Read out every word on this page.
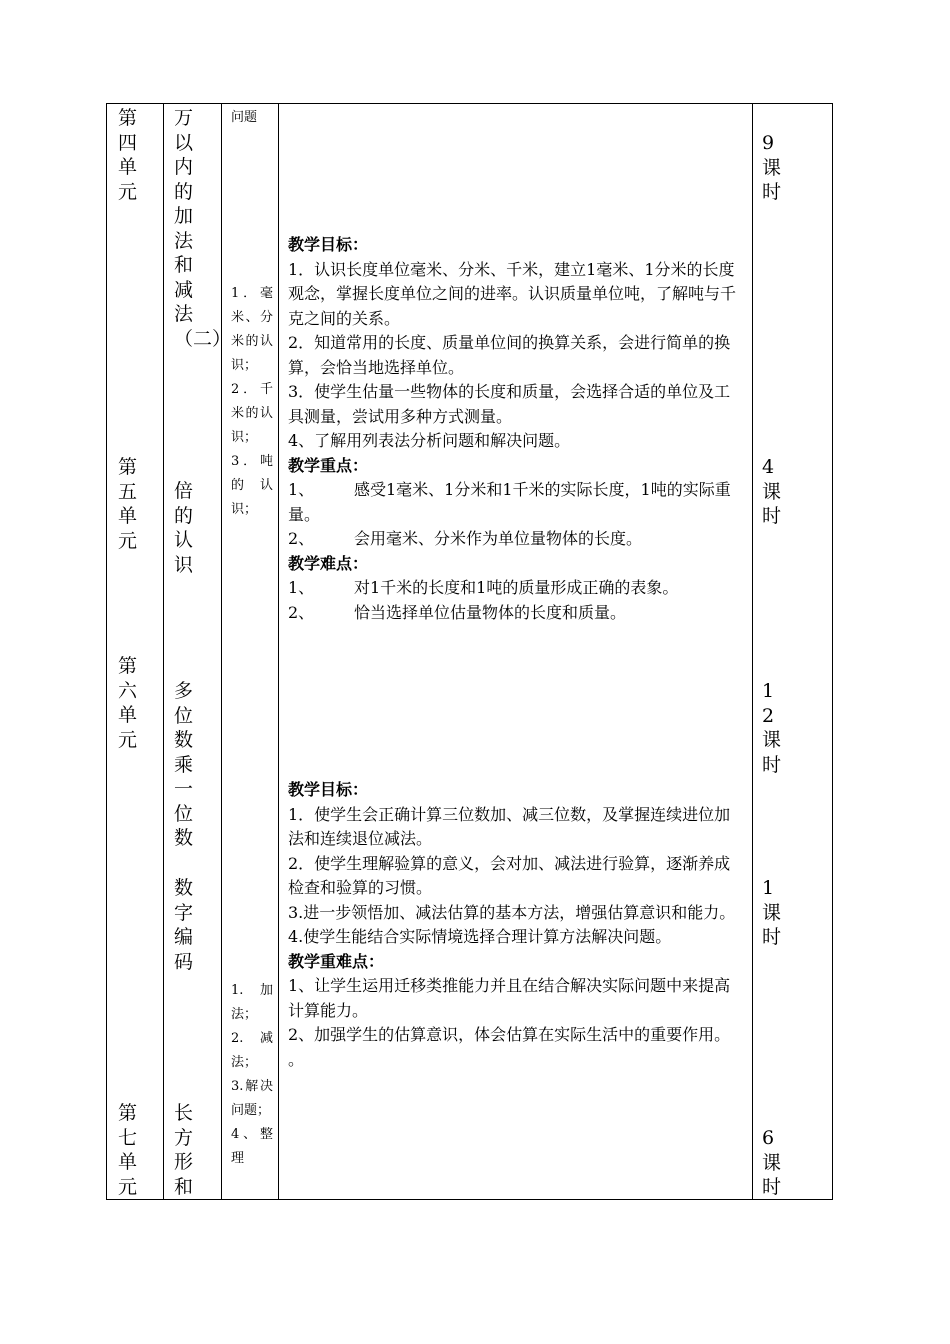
第四单元
第五单元
第六单元
第七单元
万以内的加法和减法（二）
倍的认识
多位数乘一位数
数字编码
长方形和
问题

1．毫米、分米的认识；

2．千米的认识；

3．吨的认识；

1.加法；

2.减法；

3.解决问题；

4、整理

教学目标：

1．认识长度单位毫米、分米、千米，建立1毫米、1分米的长度观念，掌握长度单位之间的进率。认识质量单位吨，了解吨与千克之间的关系。

2．知道常用的长度、质量单位间的换算关系，会进行简单的换算，会恰当地选择单位。

3．使学生估量一些物体的长度和质量，会选择合适的单位及工具测量，尝试用多种方式测量。

4、了解用列表法分析问题和解决问题。

教学重点：

1、 感受1毫米、1分米和1千米的实际长度，1吨的实际重量。

2、 会用毫米、分米作为单位量物体的长度。

教学难点：

1、 对1千米的长度和1吨的质量形成正确的表象。

2、 恰当选择单位估量物体的长度和质量。

教学目标：

1．使学生会正确计算三位数加、减三位数，及掌握连续进位加法和连续退位减法。

2．使学生理解验算的意义，会对加、减法进行验算，逐渐养成检查和验算的习惯。

3.进一步领悟加、减法估算的基本方法，增强估算意识和能力。

4.使学生能结合实际情境选择合理计算方法解决问题。

教学重难点：

1、让学生运用迁移类推能力并且在结合解决实际问题中来提高计算能力。

2、加强学生的估算意识，体会估算在实际生活中的重要作用。

。

9课时
4课时
12课时
1课时
6课时
